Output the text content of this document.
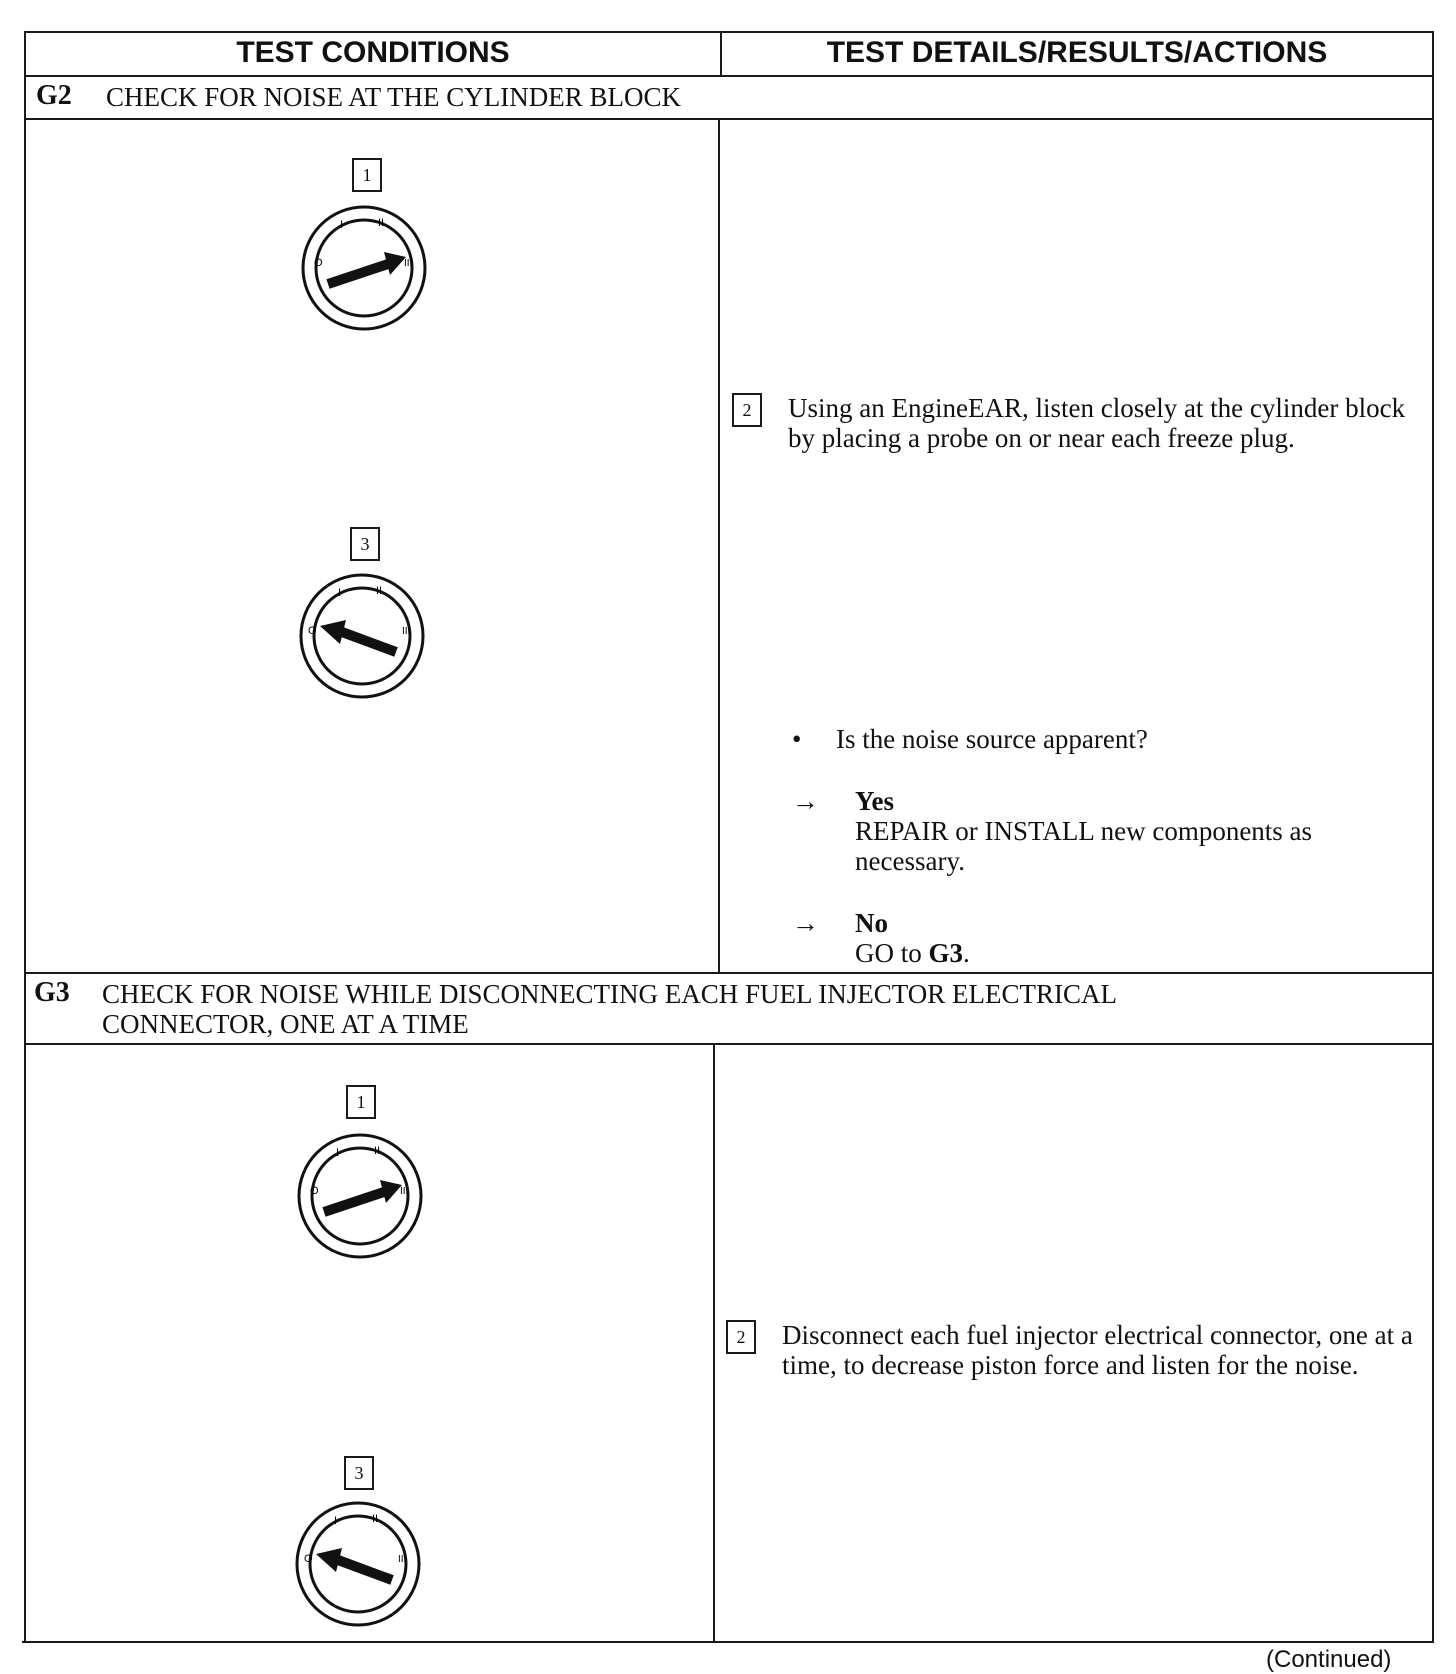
TEST CONDITIONS	TEST DETAILS/RESULTS/ACTIONS
G2 CHECK FOR NOISE AT THE CYLINDER BLOCK
1
O
I	II
III
3
O
I	II
III
2	Using an EngineEAR, listen closely at the cylinder block by placing a probe on or near each freeze plug.
• Is the noise source apparent?
→ Yes
REPAIR or INSTALL new components as necessary.
→ No
GO to G3.
G3 CHECK FOR NOISE WHILE DISCONNECTING EACH FUEL INJECTOR ELECTRICAL
CONNECTOR, ONE AT A TIME
1
O
I	II
III
3
O
I	II
III
2	Disconnect each fuel injector electrical connector, one at a time, to decrease piston force and listen for the noise.
(Continued)
